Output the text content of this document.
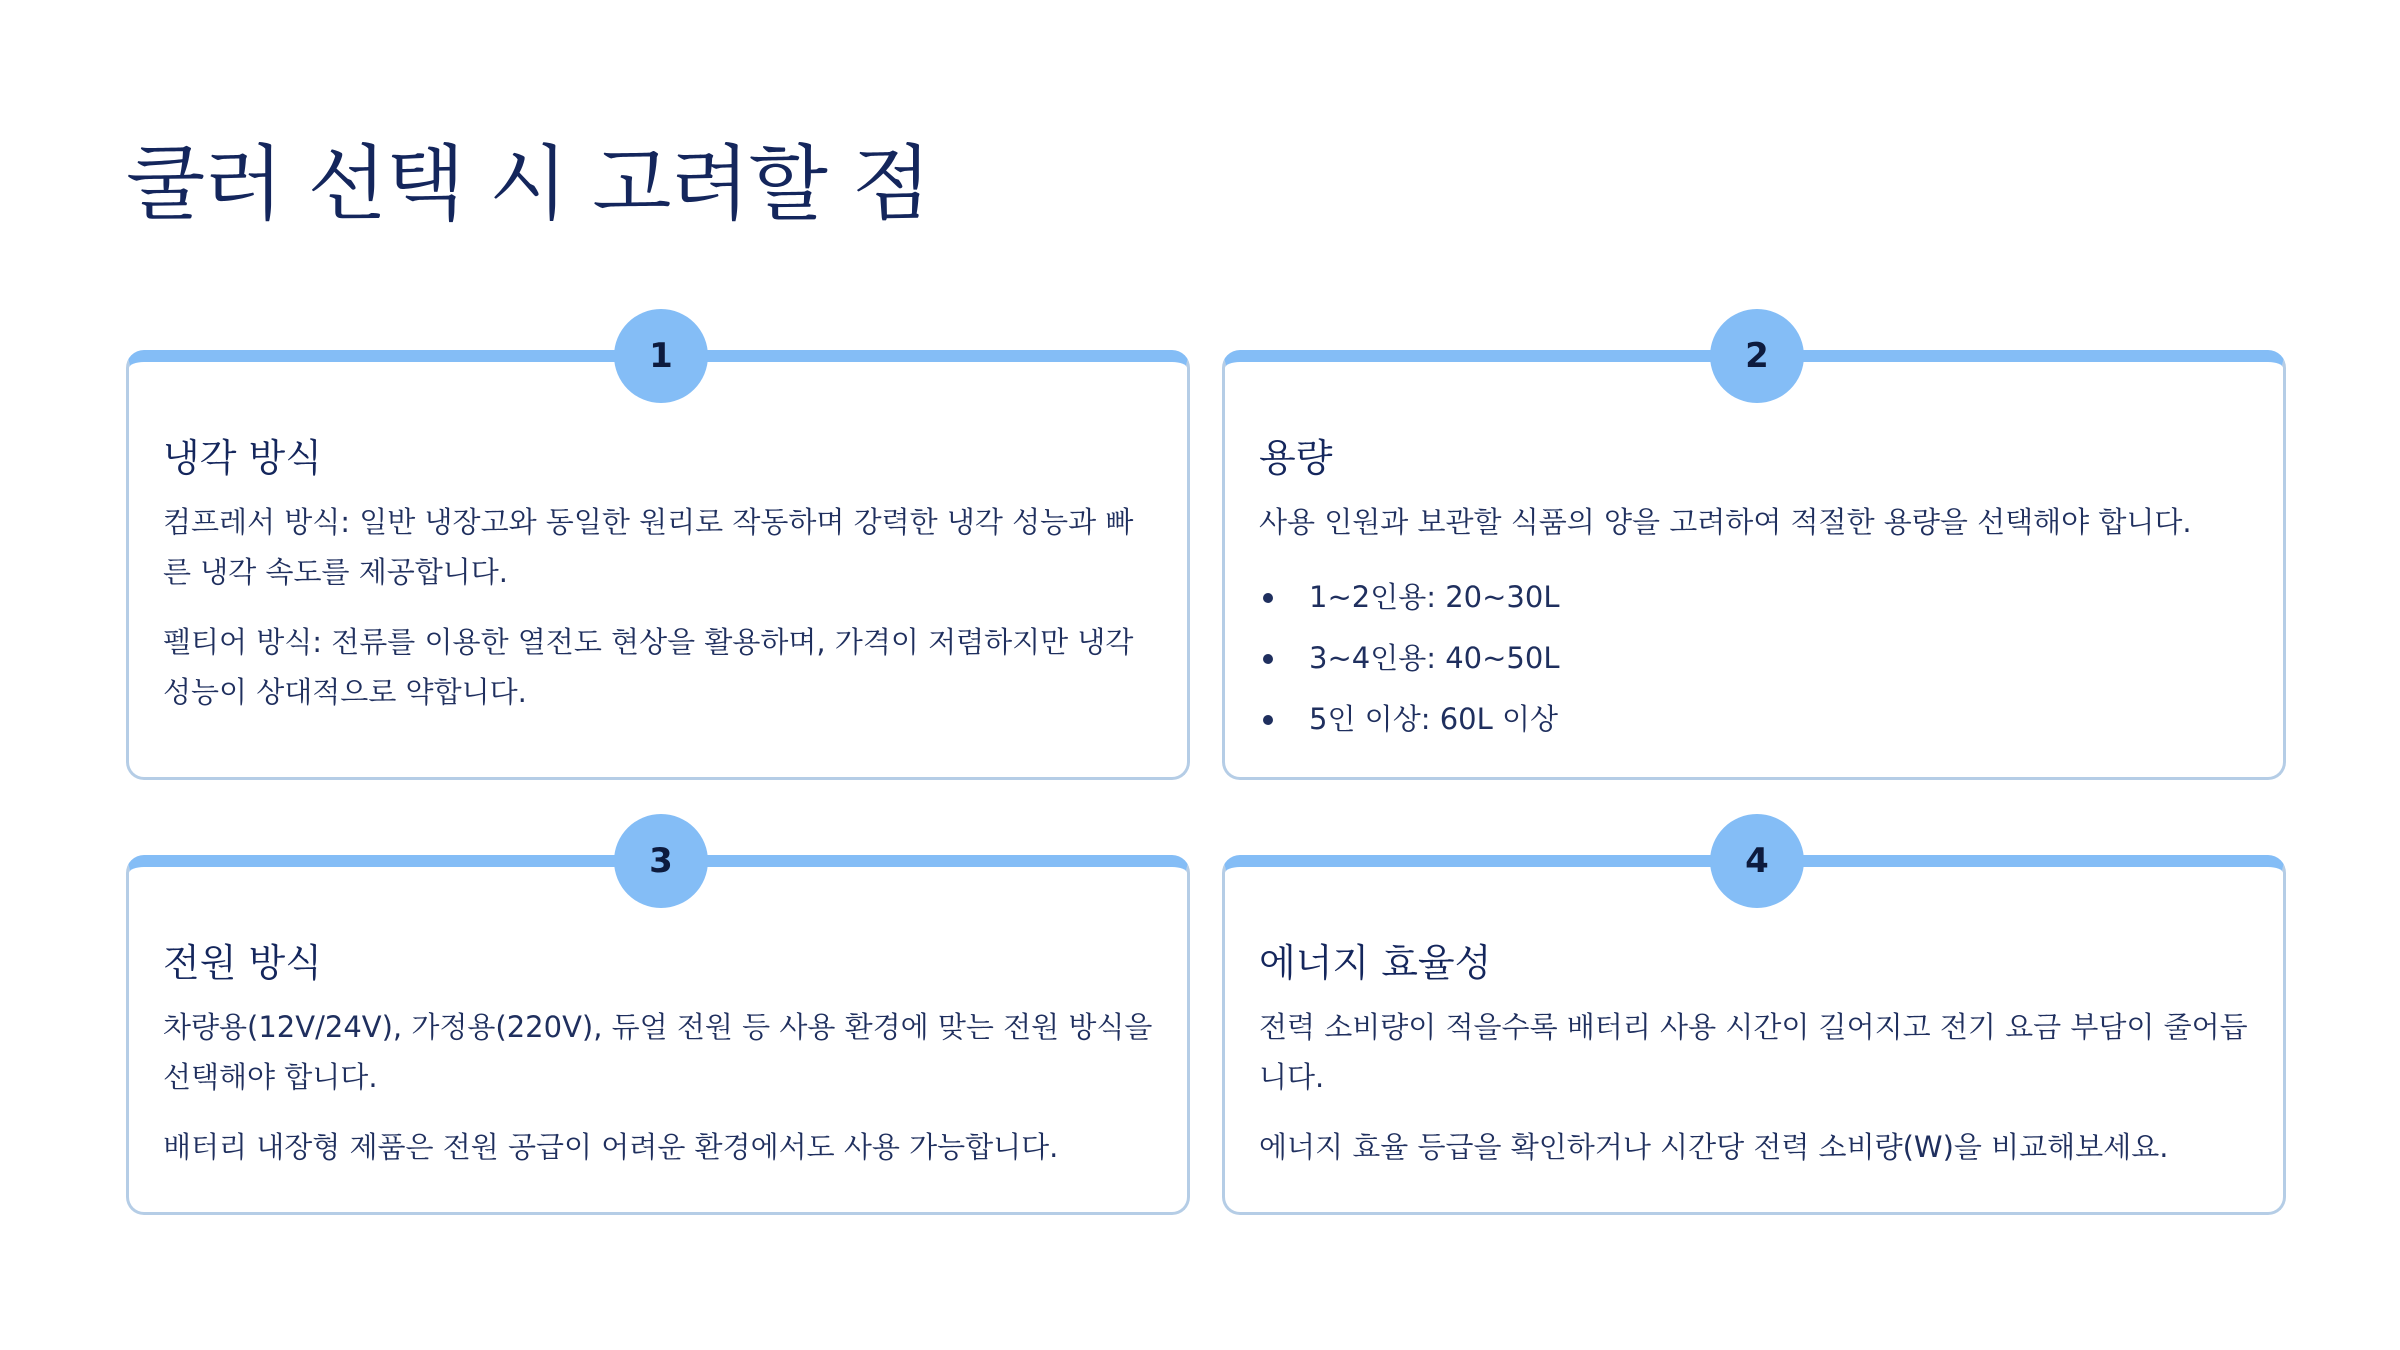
쿨러 선택 시 고려할 점
1
냉각 방식

컴프레서 방식: 일반 냉장고와 동일한 원리로 작동하며 강력한 냉각 성능과 빠른 냉각 속도를 제공합니다.

펠티어 방식: 전류를 이용한 열전도 현상을 활용하며, 가격이 저렴하지만 냉각 성능이 상대적으로 약합니다.

2
용량

사용 인원과 보관할 식품의 양을 고려하여 적절한 용량을 선택해야 합니다.

1~2인용: 20~30L
3~4인용: 40~50L
5인 이상: 60L 이상
3
전원 방식

차량용(12V/24V), 가정용(220V), 듀얼 전원 등 사용 환경에 맞는 전원 방식을 선택해야 합니다.

배터리 내장형 제품은 전원 공급이 어려운 환경에서도 사용 가능합니다.

4
에너지 효율성

전력 소비량이 적을수록 배터리 사용 시간이 길어지고 전기 요금 부담이 줄어듭니다.

에너지 효율 등급을 확인하거나 시간당 전력 소비량(W)을 비교해보세요.
